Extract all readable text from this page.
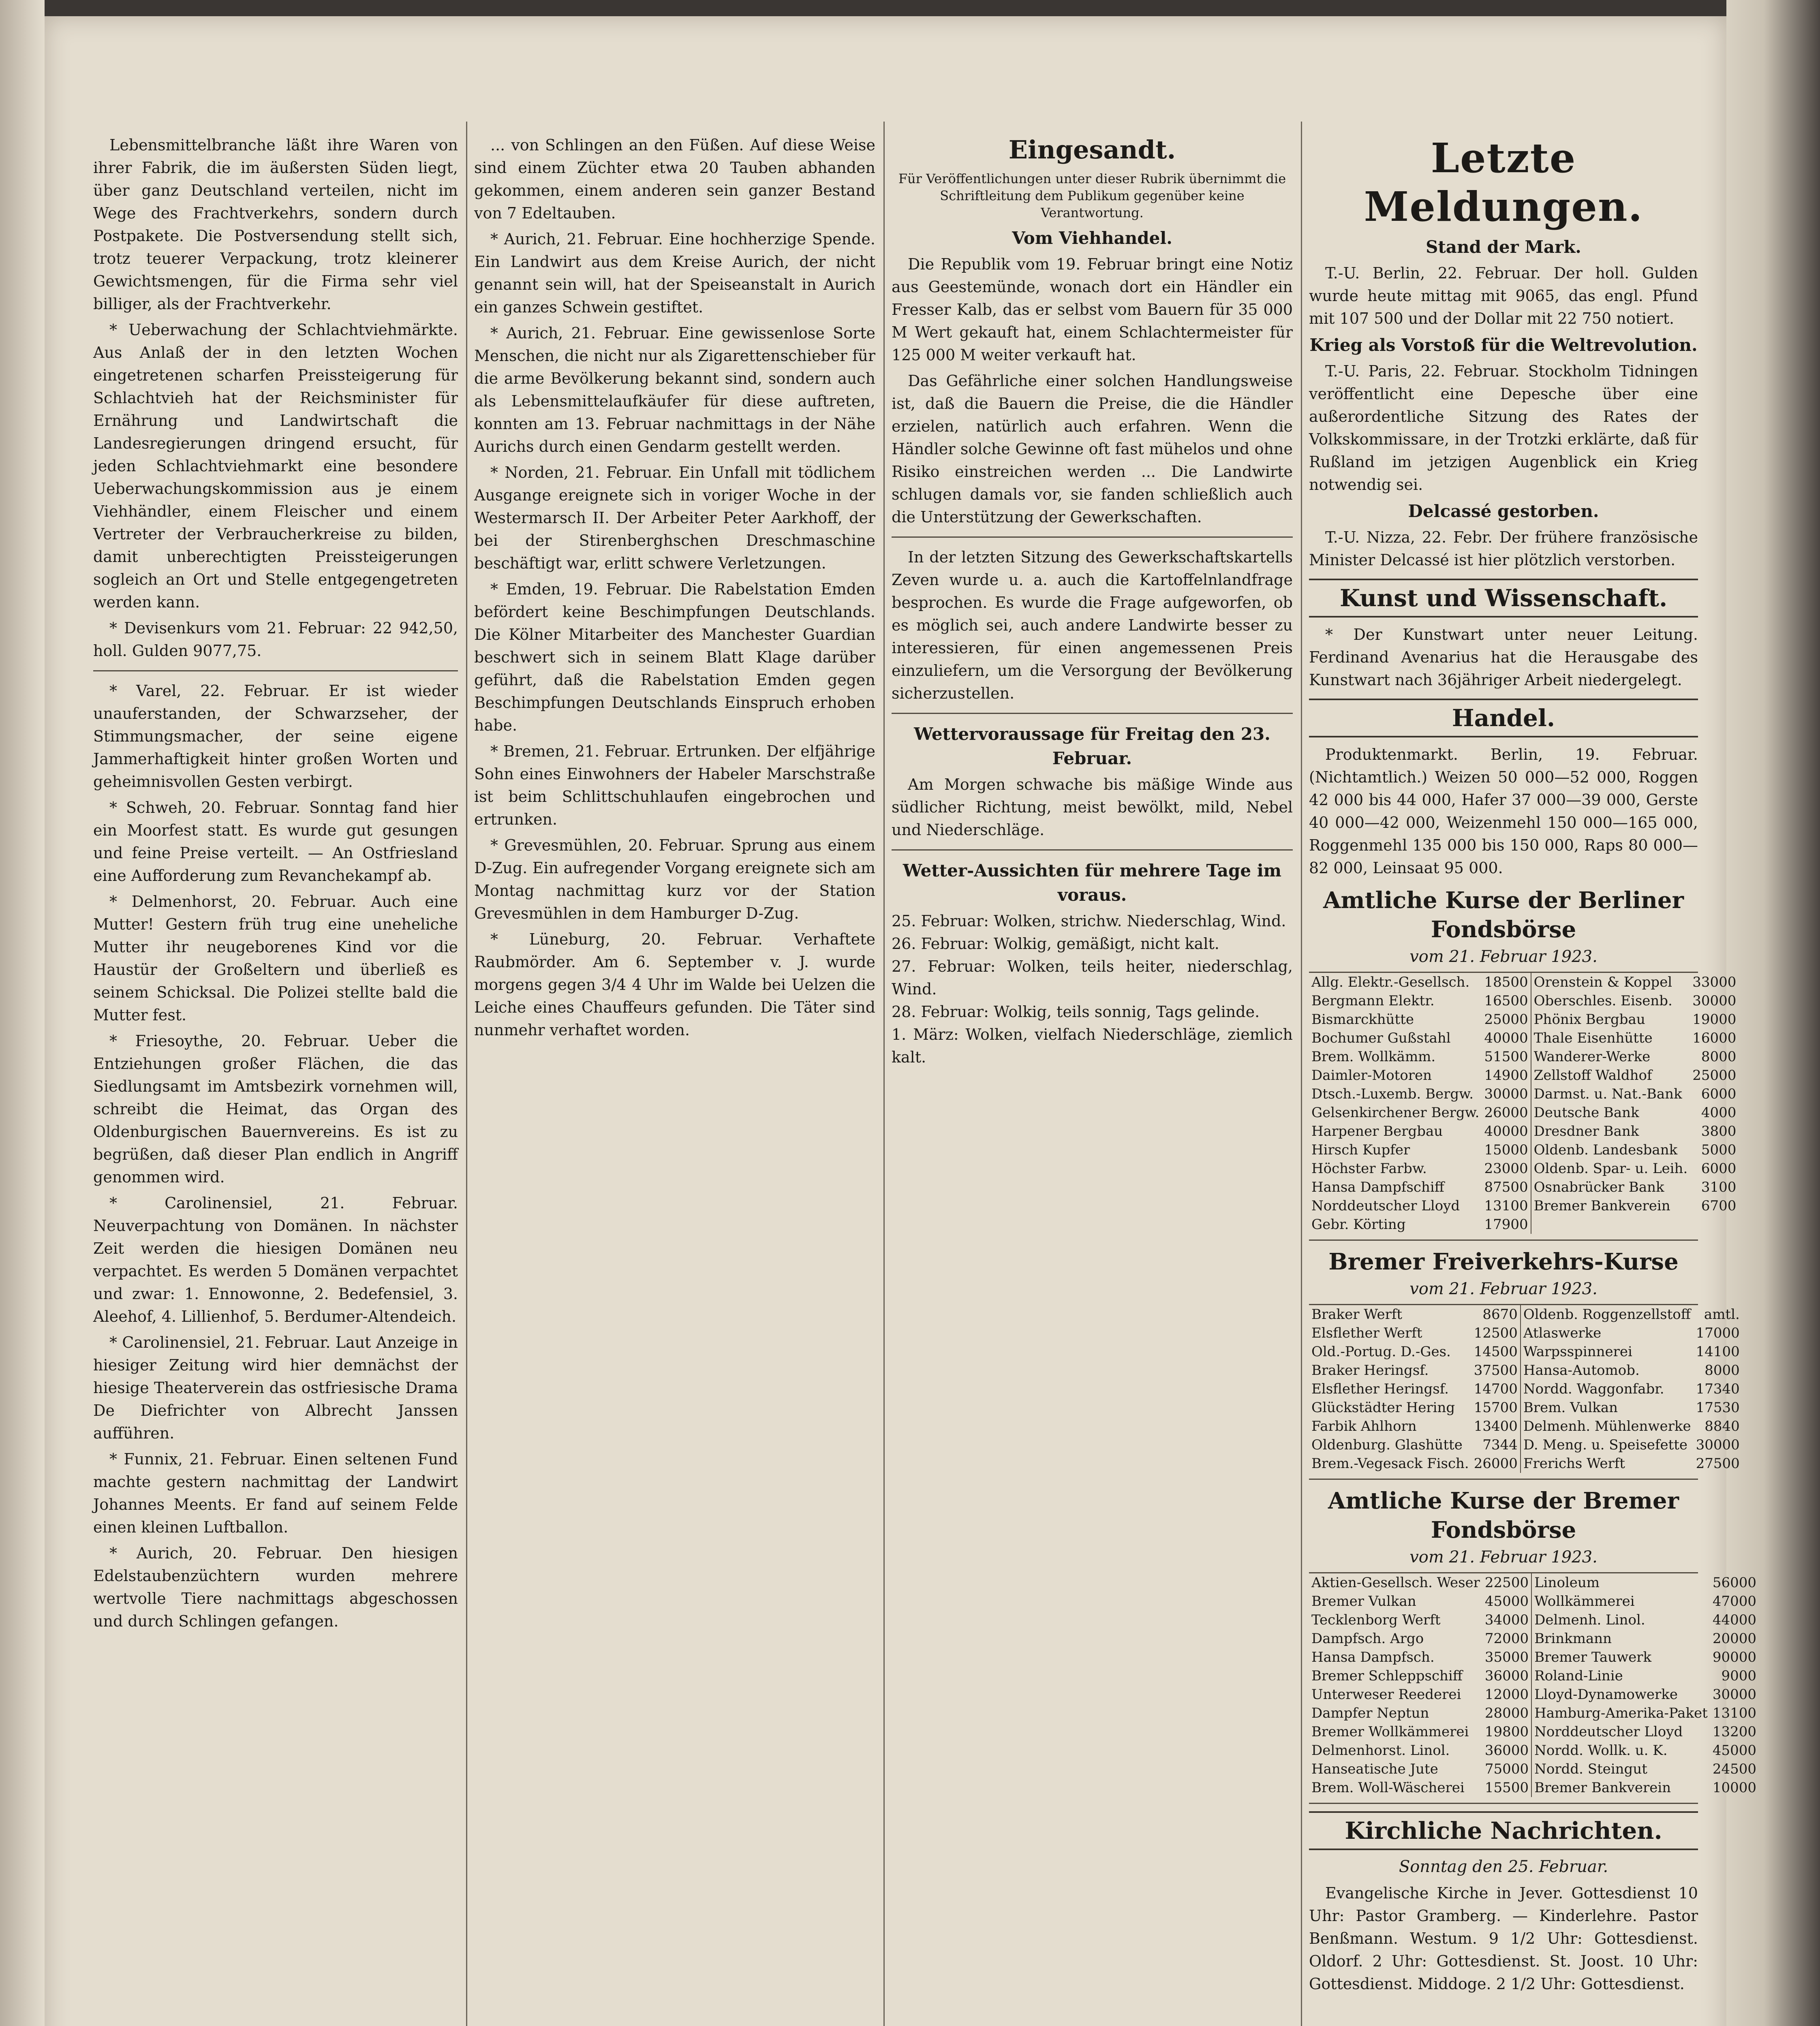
Lebensmittelbranche läßt ihre Waren von ihrer Fabrik, die im äußersten Süden liegt, über ganz Deutschland verteilen, nicht im Wege des Frachtverkehrs, sondern durch Postpakete. Die Postversendung stellt sich, trotz teuerer Verpackung, trotz kleinerer Gewichtsmengen, für die Firma sehr viel billiger, als der Frachtverkehr.

* Ueberwachung der Schlachtviehmärkte. Aus Anlaß der in den letzten Wochen eingetretenen scharfen Preissteigerung für Schlachtvieh hat der Reichsminister für Ernährung und Landwirtschaft die Landesregierungen dringend ersucht, für jeden Schlachtviehmarkt eine besondere Ueberwachungskommission aus je einem Viehhändler, einem Fleischer und einem Vertreter der Verbraucherkreise zu bilden, damit unberechtigten Preissteigerungen sogleich an Ort und Stelle entgegengetreten werden kann.

* Devisenkurs vom 21. Februar: 22 942,50, holl. Gulden 9077,75.

* Varel, 22. Februar. Er ist wieder unauferstanden, der Schwarzseher, der Stimmungsmacher, der seine eigene Jammerhaftigkeit hinter großen Worten und geheimnisvollen Gesten verbirgt.

* Schweh, 20. Februar. Sonntag fand hier ein Moorfest statt. Es wurde gut gesungen und feine Preise verteilt. — An Ostfriesland eine Aufforderung zum Revanchekampf ab.

* Delmenhorst, 20. Februar. Auch eine Mutter! Gestern früh trug eine uneheliche Mutter ihr neugeborenes Kind vor die Haustür der Großeltern und überließ es seinem Schicksal. Die Polizei stellte bald die Mutter fest.

* Friesoythe, 20. Februar. Ueber die Entziehungen großer Flächen, die das Siedlungsamt im Amtsbezirk vornehmen will, schreibt die Heimat, das Organ des Oldenburgischen Bauernvereins. Es ist zu begrüßen, daß dieser Plan endlich in Angriff genommen wird.

* Carolinensiel, 21. Februar. Neuverpachtung von Domänen. In nächster Zeit werden die hiesigen Domänen neu verpachtet. Es werden 5 Domänen verpachtet und zwar: 1. Ennowonne, 2. Bedefensiel, 3. Aleehof, 4. Lillienhof, 5. Berdumer-Altendeich.

* Carolinensiel, 21. Februar. Laut Anzeige in hiesiger Zeitung wird hier demnächst der hiesige Theaterverein das ostfriesische Drama De Diefrichter von Albrecht Janssen aufführen.

* Funnix, 21. Februar. Einen seltenen Fund machte gestern nachmittag der Landwirt Johannes Meents. Er fand auf seinem Felde einen kleinen Luftballon.

* Aurich, 20. Februar. Den hiesigen Edelstaubenzüchtern wurden mehrere wertvolle Tiere nachmittags abgeschossen und durch Schlingen gefangen.

... von Schlingen an den Füßen. Auf diese Weise sind einem Züchter etwa 20 Tauben abhanden gekommen, einem anderen sein ganzer Bestand von 7 Edeltauben.

* Aurich, 21. Februar. Eine hochherzige Spende. Ein Landwirt aus dem Kreise Aurich, der nicht genannt sein will, hat der Speiseanstalt in Aurich ein ganzes Schwein gestiftet.

* Aurich, 21. Februar. Eine gewissenlose Sorte Menschen, die nicht nur als Zigarettenschieber für die arme Bevölkerung bekannt sind, sondern auch als Lebensmittelaufkäufer für diese auftreten, konnten am 13. Februar nachmittags in der Nähe Aurichs durch einen Gendarm gestellt werden.

* Norden, 21. Februar. Ein Unfall mit tödlichem Ausgange ereignete sich in voriger Woche in der Westermarsch II. Der Arbeiter Peter Aarkhoff, der bei der Stirenberghschen Dreschmaschine beschäftigt war, erlitt schwere Verletzungen.

* Emden, 19. Februar. Die Rabelstation Emden befördert keine Beschimpfungen Deutschlands. Die Kölner Mitarbeiter des Manchester Guardian beschwert sich in seinem Blatt Klage darüber geführt, daß die Rabelstation Emden gegen Beschimpfungen Deutschlands Einspruch erhoben habe.

* Bremen, 21. Februar. Ertrunken. Der elfjährige Sohn eines Einwohners der Habeler Marschstraße ist beim Schlittschuhlaufen eingebrochen und ertrunken.

* Grevesmühlen, 20. Februar. Sprung aus einem D-Zug. Ein aufregender Vorgang ereignete sich am Montag nachmittag kurz vor der Station Grevesmühlen in dem Hamburger D-Zug.

* Lüneburg, 20. Februar. Verhaftete Raubmörder. Am 6. September v. J. wurde morgens gegen 3/4 4 Uhr im Walde bei Uelzen die Leiche eines Chauffeurs gefunden. Die Täter sind nunmehr verhaftet worden.

Eingesandt.
Für Veröffentlichungen unter dieser Rubrik übernimmt die Schriftleitung dem Publikum gegenüber keine Verantwortung.
Vom Viehhandel.

Die Republik vom 19. Februar bringt eine Notiz aus Geestemünde, wonach dort ein Händler ein Fresser Kalb, das er selbst vom Bauern für 35 000 M Wert gekauft hat, einem Schlachtermeister für 125 000 M weiter verkauft hat.

Das Gefährliche einer solchen Handlungsweise ist, daß die Bauern die Preise, die die Händler erzielen, natürlich auch erfahren. Wenn die Händler solche Gewinne oft fast mühelos und ohne Risiko einstreichen werden ... Die Landwirte schlugen damals vor, sie fanden schließlich auch die Unterstützung der Gewerkschaften.

In der letzten Sitzung des Gewerkschaftskartells Zeven wurde u. a. auch die Kartoffelnlandfrage besprochen. Es wurde die Frage aufgeworfen, ob es möglich sei, auch andere Landwirte besser zu interessieren, für einen angemessenen Preis einzuliefern, um die Versorgung der Bevölkerung sicherzustellen.

Wettervoraussage für Freitag den 23. Februar.

Am Morgen schwache bis mäßige Winde aus südlicher Richtung, meist bewölkt, mild, Nebel und Niederschläge.

Wetter-Aussichten für mehrere Tage im voraus.
25. Februar: Wolken, strichw. Niederschlag, Wind.
26. Februar: Wolkig, gemäßigt, nicht kalt.
27. Februar: Wolken, teils heiter, niederschlag, Wind.
28. Februar: Wolkig, teils sonnig, Tags gelinde.
1. März: Wolken, vielfach Niederschläge, ziemlich kalt.
Letzte Meldungen.
Stand der Mark.

T.-U. Berlin, 22. Februar. Der holl. Gulden wurde heute mittag mit 9065, das engl. Pfund mit 107 500 und der Dollar mit 22 750 notiert.

Krieg als Vorstoß für die Weltrevolution.

T.-U. Paris, 22. Februar. Stockholm Tidningen veröffentlicht eine Depesche über eine außerordentliche Sitzung des Rates der Volkskommissare, in der Trotzki erklärte, daß für Rußland im jetzigen Augenblick ein Krieg notwendig sei.

Delcassé gestorben.

T.-U. Nizza, 22. Febr. Der frühere französische Minister Delcassé ist hier plötzlich verstorben.

Kunst und Wissenschaft.

* Der Kunstwart unter neuer Leitung. Ferdinand Avenarius hat die Herausgabe des Kunstwart nach 36jähriger Arbeit niedergelegt.

Handel.

Produktenmarkt. Berlin, 19. Februar. (Nichtamtlich.) Weizen 50 000—52 000, Roggen 42 000 bis 44 000, Hafer 37 000—39 000, Gerste 40 000—42 000, Weizenmehl 150 000—165 000, Roggenmehl 135 000 bis 150 000, Raps 80 000—82 000, Leinsaat 95 000.

Amtliche Kurse der Berliner Fondsbörse
vom 21. Februar 1923.
Allg. Elektr.-Gesellsch.	18500	Orenstein & Koppel	33000
Bergmann Elektr.	16500	Oberschles. Eisenb.	30000
Bismarckhütte	25000	Phönix Bergbau	19000
Bochumer Gußstahl	40000	Thale Eisenhütte	16000
Brem. Wollkämm.	51500	Wanderer-Werke	8000
Daimler-Motoren	14900	Zellstoff Waldhof	25000
Dtsch.-Luxemb. Bergw.	30000	Darmst. u. Nat.-Bank	6000
Gelsenkirchener Bergw.	26000	Deutsche Bank	4000
Harpener Bergbau	40000	Dresdner Bank	3800
Hirsch Kupfer	15000	Oldenb. Landesbank	5000
Höchster Farbw.	23000	Oldenb. Spar- u. Leih.	6000
Hansa Dampfschiff	87500	Osnabrücker Bank	3100
Norddeutscher Lloyd	13100	Bremer Bankverein	6700
Gebr. Körting	17900		
Bremer Freiverkehrs-Kurse
vom 21. Februar 1923.
Braker Werft	8670	Oldenb. Roggenzellstoff	amtl.
Elsflether Werft	12500	Atlaswerke	17000
Old.-Portug. D.-Ges.	14500	Warpsspinnerei	14100
Braker Heringsf.	37500	Hansa-Automob.	8000
Elsflether Heringsf.	14700	Nordd. Waggonfabr.	17340
Glückstädter Hering	15700	Brem. Vulkan	17530
Farbik Ahlhorn	13400	Delmenh. Mühlenwerke	8840
Oldenburg. Glashütte	7344	D. Meng. u. Speisefette	30000
Brem.-Vegesack Fisch.	26000	Frerichs Werft	27500
Amtliche Kurse der Bremer Fondsbörse
vom 21. Februar 1923.
Aktien-Gesellsch. Weser	22500	Linoleum	56000
Bremer Vulkan	45000	Wollkämmerei	47000
Tecklenborg Werft	34000	Delmenh. Linol.	44000
Dampfsch. Argo	72000	Brinkmann	20000
Hansa Dampfsch.	35000	Bremer Tauwerk	90000
Bremer Schleppschiff	36000	Roland-Linie	9000
Unterweser Reederei	12000	Lloyd-Dynamowerke	30000
Dampfer Neptun	28000	Hamburg-Amerika-Paket	13100
Bremer Wollkämmerei	19800	Norddeutscher Lloyd	13200
Delmenhorst. Linol.	36000	Nordd. Wollk. u. K.	45000
Hanseatische Jute	75000	Nordd. Steingut	24500
Brem. Woll-Wäscherei	15500	Bremer Bankverein	10000
Kirchliche Nachrichten.
Sonntag den 25. Februar.

Evangelische Kirche in Jever. Gottesdienst 10 Uhr: Pastor Gramberg. — Kinderlehre. Pastor Benßmann. Westum. 9 1/2 Uhr: Gottesdienst. Oldorf. 2 Uhr: Gottesdienst. St. Joost. 10 Uhr: Gottesdienst. Middoge. 2 1/2 Uhr: Gottesdienst.
